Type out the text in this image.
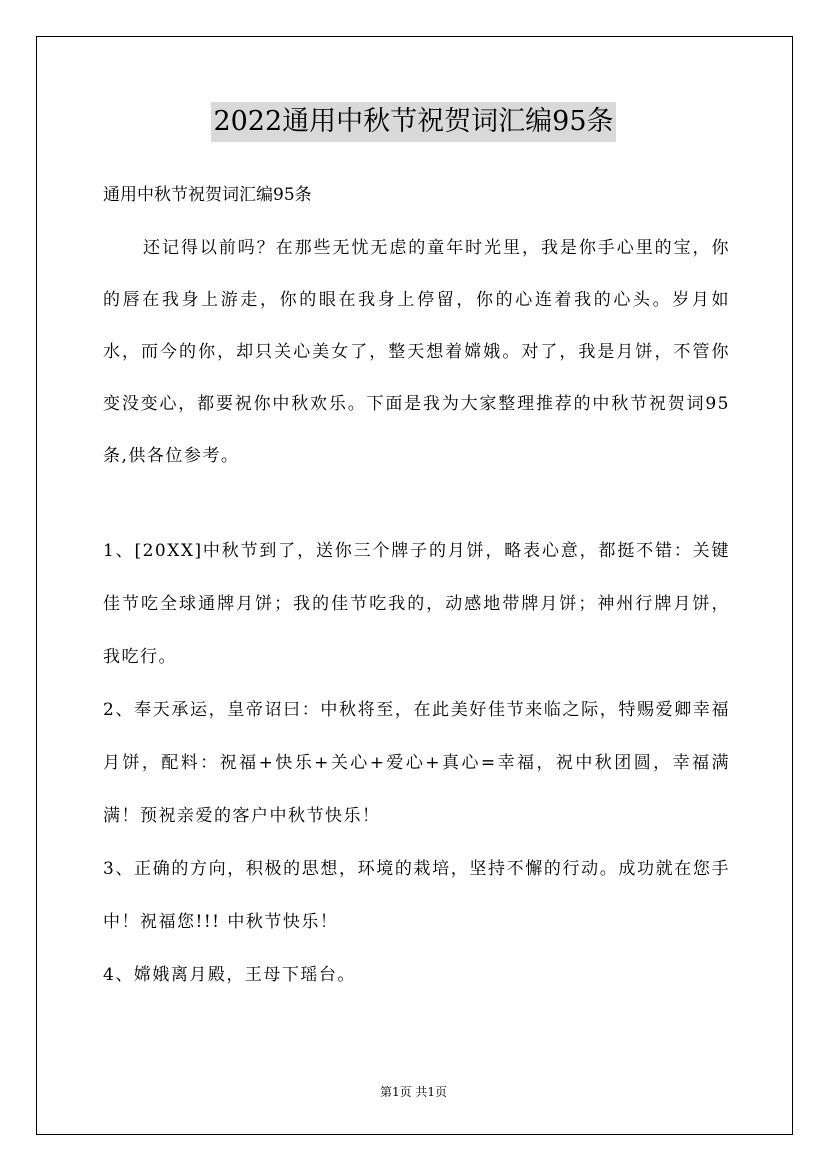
2022通用中秋节祝贺词汇编95条

通用中秋节祝贺词汇编95条

还记得以前吗？在那些无忧无虑的童年时光里，我是你手心里的宝，你的唇在我身上游走，你的眼在我身上停留，你的心连着我的心头。岁月如水，而今的你，却只关心美女了，整天想着嫦娥。对了，我是月饼，不管你变没变心，都要祝你中秋欢乐。下面是我为大家整理推荐的中秋节祝贺词95条,供各位参考。

1、[20XX]中秋节到了，送你三个牌子的月饼，略表心意，都挺不错：关键佳节吃全球通牌月饼；我的佳节吃我的，动感地带牌月饼；神州行牌月饼，我吃行。

2、奉天承运，皇帝诏曰：中秋将至，在此美好佳节来临之际，特赐爱卿幸福月饼，配料：祝福+快乐+关心+爱心+真心=幸福，祝中秋团圆，幸福满满！预祝亲爱的客户中秋节快乐！

3、正确的方向，积极的思想，环境的栽培，坚持不懈的行动。成功就在您手中！祝福您!!! 中秋节快乐！

4、嫦娥离月殿，王母下瑶台。

第1页 共1页
